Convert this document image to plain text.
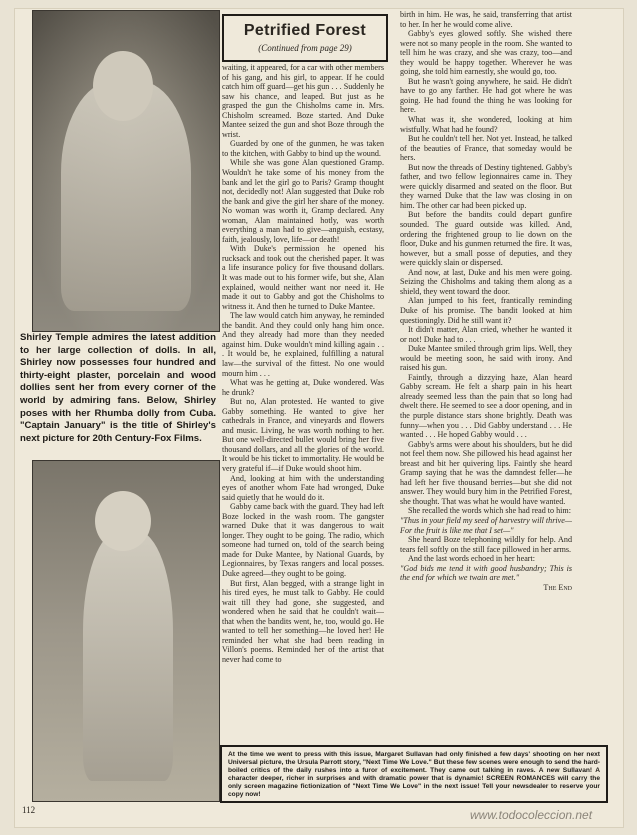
Shirley Temple admires the latest addition to her large collection of dolls. In all, Shirley now possesses four hundred and thirty-eight plaster, porcelain and wood dollies sent her from every corner of the world by admiring fans. Below, Shirley poses with her Rhumba dolly from Cuba. "Captain January" is the title of Shirley's next picture for 20th Century-Fox Films.
Petrified Forest
(Continued from page 29)

waiting, it appeared, for a car with other members of his gang, and his girl, to appear. If he could catch him off guard—get his gun . . . Suddenly he saw his chance, and leaped. But just as he grasped the gun the Chisholms came in. Mrs. Chisholm screamed. Boze started. And Duke Mantee seized the gun and shot Boze through the wrist.

Guarded by one of the gunmen, he was taken to the kitchen, with Gabby to bind up the wound.

While she was gone Alan questioned Gramp. Wouldn't he take some of his money from the bank and let the girl go to Paris? Gramp thought not, decidedly not! Alan suggested that Duke rob the bank and give the girl her share of the money. No woman was worth it, Gramp declared. Any woman, Alan maintained hotly, was worth everything a man had to give—anguish, ecstasy, faith, jealously, love, life—or death!

With Duke's permission he opened his rucksack and took out the cherished paper. It was a life insurance policy for five thousand dollars. It was made out to his former wife, but she, Alan explained, would neither want nor need it. He made it out to Gabby and got the Chisholms to witness it. And then he turned to Duke Mantee.

The law would catch him anyway, he reminded the bandit. And they could only hang him once. And they already had more than they needed against him. Duke wouldn't mind killing again . . . It would be, he explained, fulfilling a natural law—the survival of the fittest. No one would mourn him . . .

What was he getting at, Duke wondered. Was he drunk?

But no, Alan protested. He wanted to give Gabby something. He wanted to give her cathedrals in France, and vineyards and flowers and music. Living, he was worth nothing to her. But one well-directed bullet would bring her five thousand dollars, and all the glories of the world. It would be his ticket to immortality. He would be very grateful if—if Duke would shoot him.

And, looking at him with the understanding eyes of another whom Fate had wronged, Duke said quietly that he would do it.

Gabby came back with the guard. They had left Boze locked in the wash room. The gangster warned Duke that it was dangerous to wait longer. They ought to be going. The radio, which someone had turned on, told of the search being made for Duke Mantee, by National Guards, by Legionnaires, by Texas rangers and local posses. Duke agreed—they ought to be going.

But first, Alan begged, with a strange light in his tired eyes, he must talk to Gabby. He could wait till they had gone, she suggested, and wondered when he said that he couldn't wait—that when the bandits went, he, too, would go. He wanted to tell her something—he loved her! He reminded her what she had been reading in Villon's poems. Reminded her of the artist that never had come to

birth in him. He was, he said, transferring that artist to her. In her he would come alive.

Gabby's eyes glowed softly. She wished there were not so many people in the room. She wanted to tell him he was crazy, and she was crazy, too—and they would be happy together. Wherever he was going, she told him earnestly, she would go, too.

But he wasn't going anywhere, he said. He didn't have to go any farther. He had got where he was going. He had found the thing he was looking for here.

What was it, she wondered, looking at him wistfully. What had he found?

But he couldn't tell her. Not yet. Instead, he talked of the beauties of France, that someday would be hers.

But now the threads of Destiny tightened. Gabby's father, and two fellow legionnaires came in. They were quickly disarmed and seated on the floor. But they warned Duke that the law was closing in on him. The other car had been picked up.

But before the bandits could depart gunfire sounded. The guard outside was killed. And, ordering the frightened group to lie down on the floor, Duke and his gunmen returned the fire. It was, however, but a small posse of deputies, and they were quickly slain or dispersed.

And now, at last, Duke and his men were going. Seizing the Chisholms and taking them along as a shield, they went toward the door.

Alan jumped to his feet, frantically reminding Duke of his promise. The bandit looked at him questioningly. Did he still want it?

It didn't matter, Alan cried, whether he wanted it or not! Duke had to . . .

Duke Mantee smiled through grim lips. Well, they would be meeting soon, he said with irony. And raised his gun.

Faintly, through a dizzying haze, Alan heard Gabby scream. He felt a sharp pain in his heart already seemed less than the pain that so long had dwelt there. He seemed to see a door opening, and in the purple distance stars shone brightly. Death was funny—when you . . . Did Gabby understand . . . He wanted . . . He hoped Gabby would . . .

Gabby's arms were about his shoulders, but he did not feel them now. She pillowed his head against her breast and bit her quivering lips. Faintly she heard Gramp saying that he was the damndest feller—he had left her five thousand berries—but she did not answer. They would bury him in the Petrified Forest, she thought. That was what he would have wanted.

She recalled the words which she had read to him:

"Thus in your field my seed of harvestry will thrive— For the fruit is like me that I set—"

She heard Boze telephoning wildly for help. And tears fell softly on the still face pillowed in her arms.

And the last words echoed in her heart:

"God bids me tend it with good husbandry; This is the end for which we twain are met."

The End

At the time we went to press with this issue, Margaret Sullavan had only finished a few days' shooting on her next Universal picture, the Ursula Parrott story, "Next Time We Love." But these few scenes were enough to send the hard-boiled critics of the daily rushes into a furor of excitement. They came out talking in raves. A new Sullavan! A character deeper, richer in surprises and with dramatic power that is dynamic! SCREEN ROMANCES will carry the only screen magazine fictionization of "Next Time We Love" in the next issue! Tell your newsdealer to reserve your copy now!
112	www.todocoleccion.net
